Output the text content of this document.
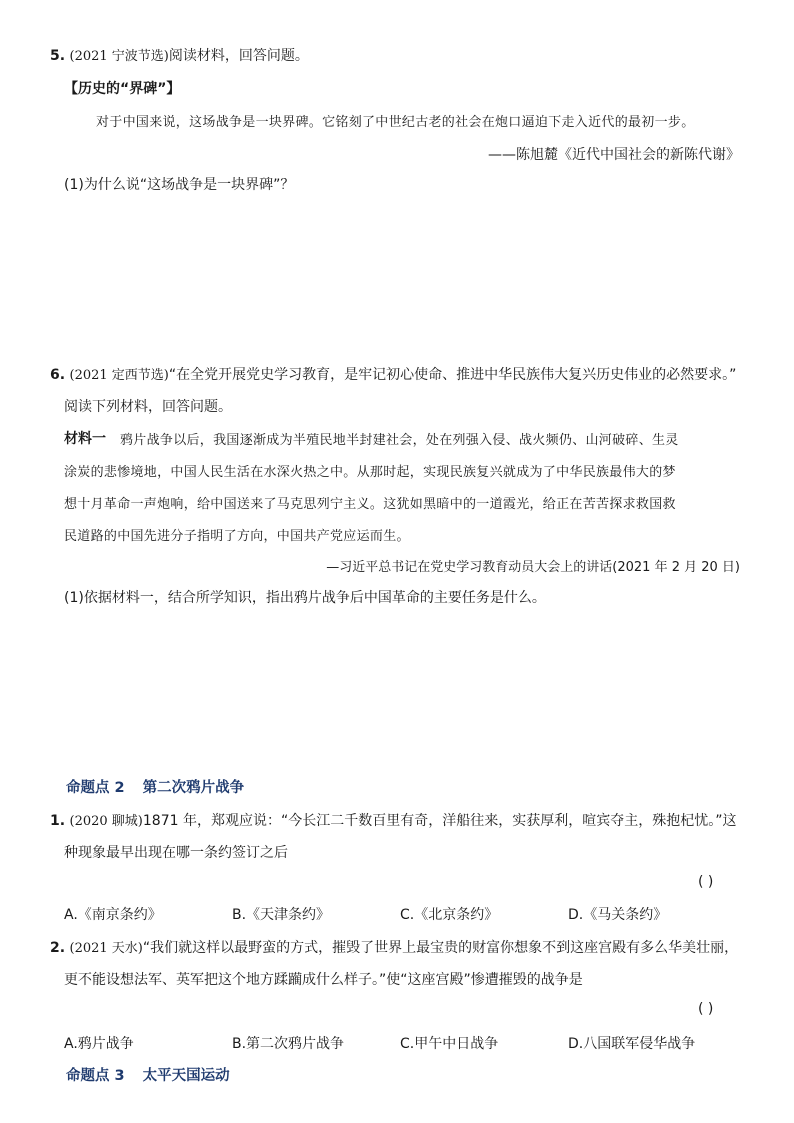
5. (2021 宁波节选)阅读材料，回答问题。
【历史的“界碑”】
对于中国来说，这场战争是一块界碑。它铭刻了中世纪古老的社会在炮口逼迫下走入近代的最初一步。
——陈旭麓《近代中国社会的新陈代谢》
(1)为什么说“这场战争是一块界碑”？
6. (2021 定西节选)“在全党开展党史学习教育，是牢记初心使命、推进中华民族伟大复兴历史伟业的必然要求。”
阅读下列材料，回答问题。
材料一 鸦片战争以后，我国逐渐成为半殖民地半封建社会，处在列强入侵、战火频仍、山河破碎、生灵
涂炭的悲惨境地，中国人民生活在水深火热之中。从那时起，实现民族复兴就成为了中华民族最伟大的梦
想十月革命一声炮响，给中国送来了马克思列宁主义。这犹如黑暗中的一道霞光，给正在苦苦探求救国救
民道路的中国先进分子指明了方向，中国共产党应运而生。
—习近平总书记在党史学习教育动员大会上的讲话(2021 年 2 月 20 日)
(1)依据材料一，结合所学知识，指出鸦片战争后中国革命的主要任务是什么。
命题点 2 第二次鸦片战争
1. (2020 聊城)1871 年，郑观应说：“今长江二千数百里有奇，洋船往来，实获厚利，喧宾夺主，殊抱杞忧。”这
种现象最早出现在哪一条约签订之后
( )
A.《南京条约》	B.《天津条约》	C.《北京条约》	D.《马关条约》
2. (2021 天水)“我们就这样以最野蛮的方式，摧毁了世界上最宝贵的财富你想象不到这座宫殿有多么华美壮丽，
更不能设想法军、英军把这个地方蹂躏成什么样子。”使“这座宫殿”惨遭摧毁的战争是
( )
A.鸦片战争	B.第二次鸦片战争	C.甲午中日战争	D.八国联军侵华战争
命题点 3 太平天国运动
